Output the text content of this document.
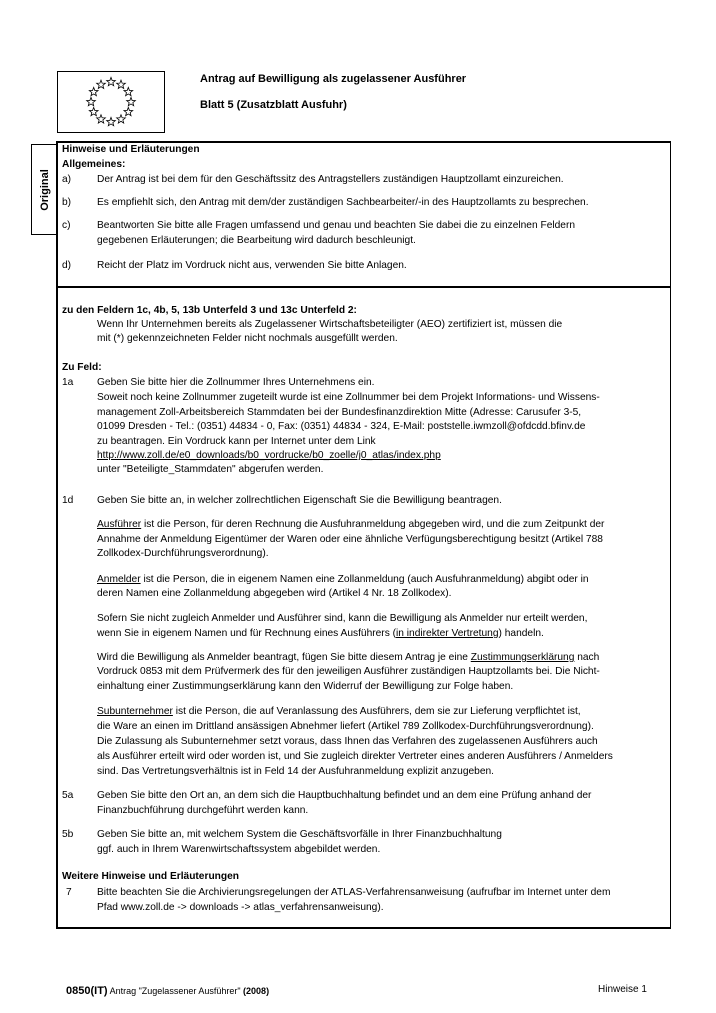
Antrag auf Bewilligung als zugelassener Ausführer
Blatt 5 (Zusatzblatt Ausfuhr)
Original
Hinweise und Erläuterungen
Allgemeines:
a)	Der Antrag ist bei dem für den Geschäftssitz des Antragstellers zuständigen Hauptzollamt einzureichen.
b)	Es empfiehlt sich, den Antrag mit dem/der zuständigen Sachbearbeiter/-in des Hauptzollamts zu besprechen.
c)	Beantworten Sie bitte alle Fragen umfassend und genau und beachten Sie dabei die zu einzelnen Feldern
gegebenen Erläuterungen; die Bearbeitung wird dadurch beschleunigt.
d)	Reicht der Platz im Vordruck nicht aus, verwenden Sie bitte Anlagen.
zu den Feldern 1c, 4b, 5, 13b Unterfeld 3 und 13c Unterfeld 2:
Wenn Ihr Unternehmen bereits als Zugelassener Wirtschaftsbeteiligter (AEO) zertifiziert ist, müssen die
mit (*) gekennzeichneten Felder nicht nochmals ausgefüllt werden.
Zu Feld:
1a Geben Sie bitte hier die Zollnummer Ihres Unternehmens ein.
Soweit noch keine Zollnummer zugeteilt wurde ist eine Zollnummer bei dem Projekt Informations- und Wissens-
management Zoll-Arbeitsbereich Stammdaten bei der Bundesfinanzdirektion Mitte (Adresse: Carusufer 3-5,
01099 Dresden - Tel.: (0351) 44834 - 0, Fax: (0351) 44834 - 324, E-Mail: poststelle.iwmzoll@ofdcdd.bfinv.de
zu beantragen. Ein Vordruck kann per Internet unter dem Link
http://www.zoll.de/e0_downloads/b0_vordrucke/b0_zoelle/j0_atlas/index.php
unter "Beteiligte_Stammdaten" abgerufen werden.
1d Geben Sie bitte an, in welcher zollrechtlichen Eigenschaft Sie die Bewilligung beantragen.
Ausführer ist die Person, für deren Rechnung die Ausfuhranmeldung abgegeben wird, und die zum Zeitpunkt der
Annahme der Anmeldung Eigentümer der Waren oder eine ähnliche Verfügungsberechtigung besitzt (Artikel 788
Zollkodex-Durchführungsverordnung).
Anmelder ist die Person, die in eigenem Namen eine Zollanmeldung (auch Ausfuhranmeldung) abgibt oder in
deren Namen eine Zollanmeldung abgegeben wird (Artikel 4 Nr. 18 Zollkodex).
Sofern Sie nicht zugleich Anmelder und Ausführer sind, kann die Bewilligung als Anmelder nur erteilt werden,
wenn Sie in eigenem Namen und für Rechnung eines Ausführers (in indirekter Vertretung) handeln.
Wird die Bewilligung als Anmelder beantragt, fügen Sie bitte diesem Antrag je eine Zustimmungserklärung nach
Vordruck 0853 mit dem Prüfvermerk des für den jeweiligen Ausführer zuständigen Hauptzollamts bei. Die Nicht-
einhaltung einer Zustimmungserklärung kann den Widerruf der Bewilligung zur Folge haben.
Subunternehmer ist die Person, die auf Veranlassung des Ausführers, dem sie zur Lieferung verpflichtet ist,
die Ware an einen im Drittland ansässigen Abnehmer liefert (Artikel 789 Zollkodex-Durchführungsverordnung).
Die Zulassung als Subunternehmer setzt voraus, dass Ihnen das Verfahren des zugelassenen Ausführers auch
als Ausführer erteilt wird oder worden ist, und Sie zugleich direkter Vertreter eines anderen Ausführers / Anmelders
sind. Das Vertretungsverhältnis ist in Feld 14 der Ausfuhranmeldung explizit anzugeben.
5a Geben Sie bitte den Ort an, an dem sich die Hauptbuchhaltung befindet und an dem eine Prüfung anhand der
Finanzbuchführung durchgeführt werden kann.
5b Geben Sie bitte an, mit welchem System die Geschäftsvorfälle in Ihrer Finanzbuchhaltung
ggf. auch in Ihrem Warenwirtschaftssystem abgebildet werden.
Weitere Hinweise und Erläuterungen
7 Bitte beachten Sie die Archivierungsregelungen der ATLAS-Verfahrensanweisung (aufrufbar im Internet unter dem
Pfad www.zoll.de -> downloads -> atlas_verfahrensanweisung).
0850(IT) Antrag "Zugelassener Ausführer" (2008)	Hinweise 1
